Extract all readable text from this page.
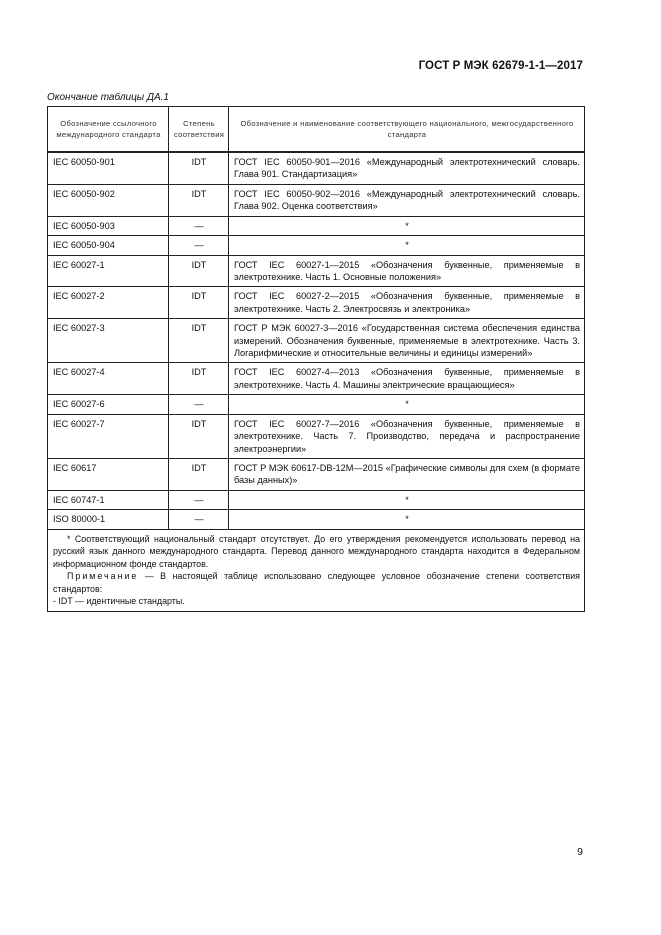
ГОСТ Р МЭК 62679-1-1—2017
Окончание таблицы ДА.1
Обозначение ссылочного международного стандарта	Степень соответствия	Обозначение и наименование соответствующего национального, межгосударственного стандарта
IEC 60050-901	IDT	ГОСТ IEC 60050-901—2016 «Международный электротехнический словарь. Глава 901. Стандартизация»
IEC 60050-902	IDT	ГОСТ IEC 60050-902—2016 «Международный электротехнический словарь. Глава 902. Оценка соответствия»
IEC 60050-903	—	*
IEC 60050-904	—	*
IEC 60027-1	IDT	ГОСТ IEC 60027-1—2015 «Обозначения буквенные, применяемые в электротехнике. Часть 1. Основные положения»
IEC 60027-2	IDT	ГОСТ IEC 60027-2—2015 «Обозначения буквенные, применяемые в электротехнике. Часть 2. Электросвязь и электроника»
IEC 60027-3	IDT	ГОСТ Р МЭК 60027-3—2016 «Государственная система обеспечения единства измерений. Обозначения буквенные, применяемые в электротехнике. Часть 3. Логарифмические и относительные величины и единицы измерений»
IEC 60027-4	IDT	ГОСТ IEC 60027-4—2013 «Обозначения буквенные, применяемые в электротехнике. Часть 4. Машины электрические вращающиеся»
IEC 60027-6	—	*
IEC 60027-7	IDT	ГОСТ IEC 60027-7—2016 «Обозначения буквенные, применяемые в электротехнике. Часть 7. Производство, передача и распространение электроэнергии»
IEC 60617	IDT	ГОСТ Р МЭК 60617-DB-12M—2015 «Графические символы для схем (в формате базы данных)»
IEC 60747-1	—	*
ISO 80000-1	—	*

* Соответствующий национальный стандарт отсутствует. До его утверждения рекомендуется использовать перевод на русский язык данного международного стандарта. Перевод данного международного стандарта находится в Федеральном информационном фонде стандартов.

Примечание — В настоящей таблице использовано следующее условное обозначение степени соответствия стандартов:

- IDT — идентичные стандарты.		

9
